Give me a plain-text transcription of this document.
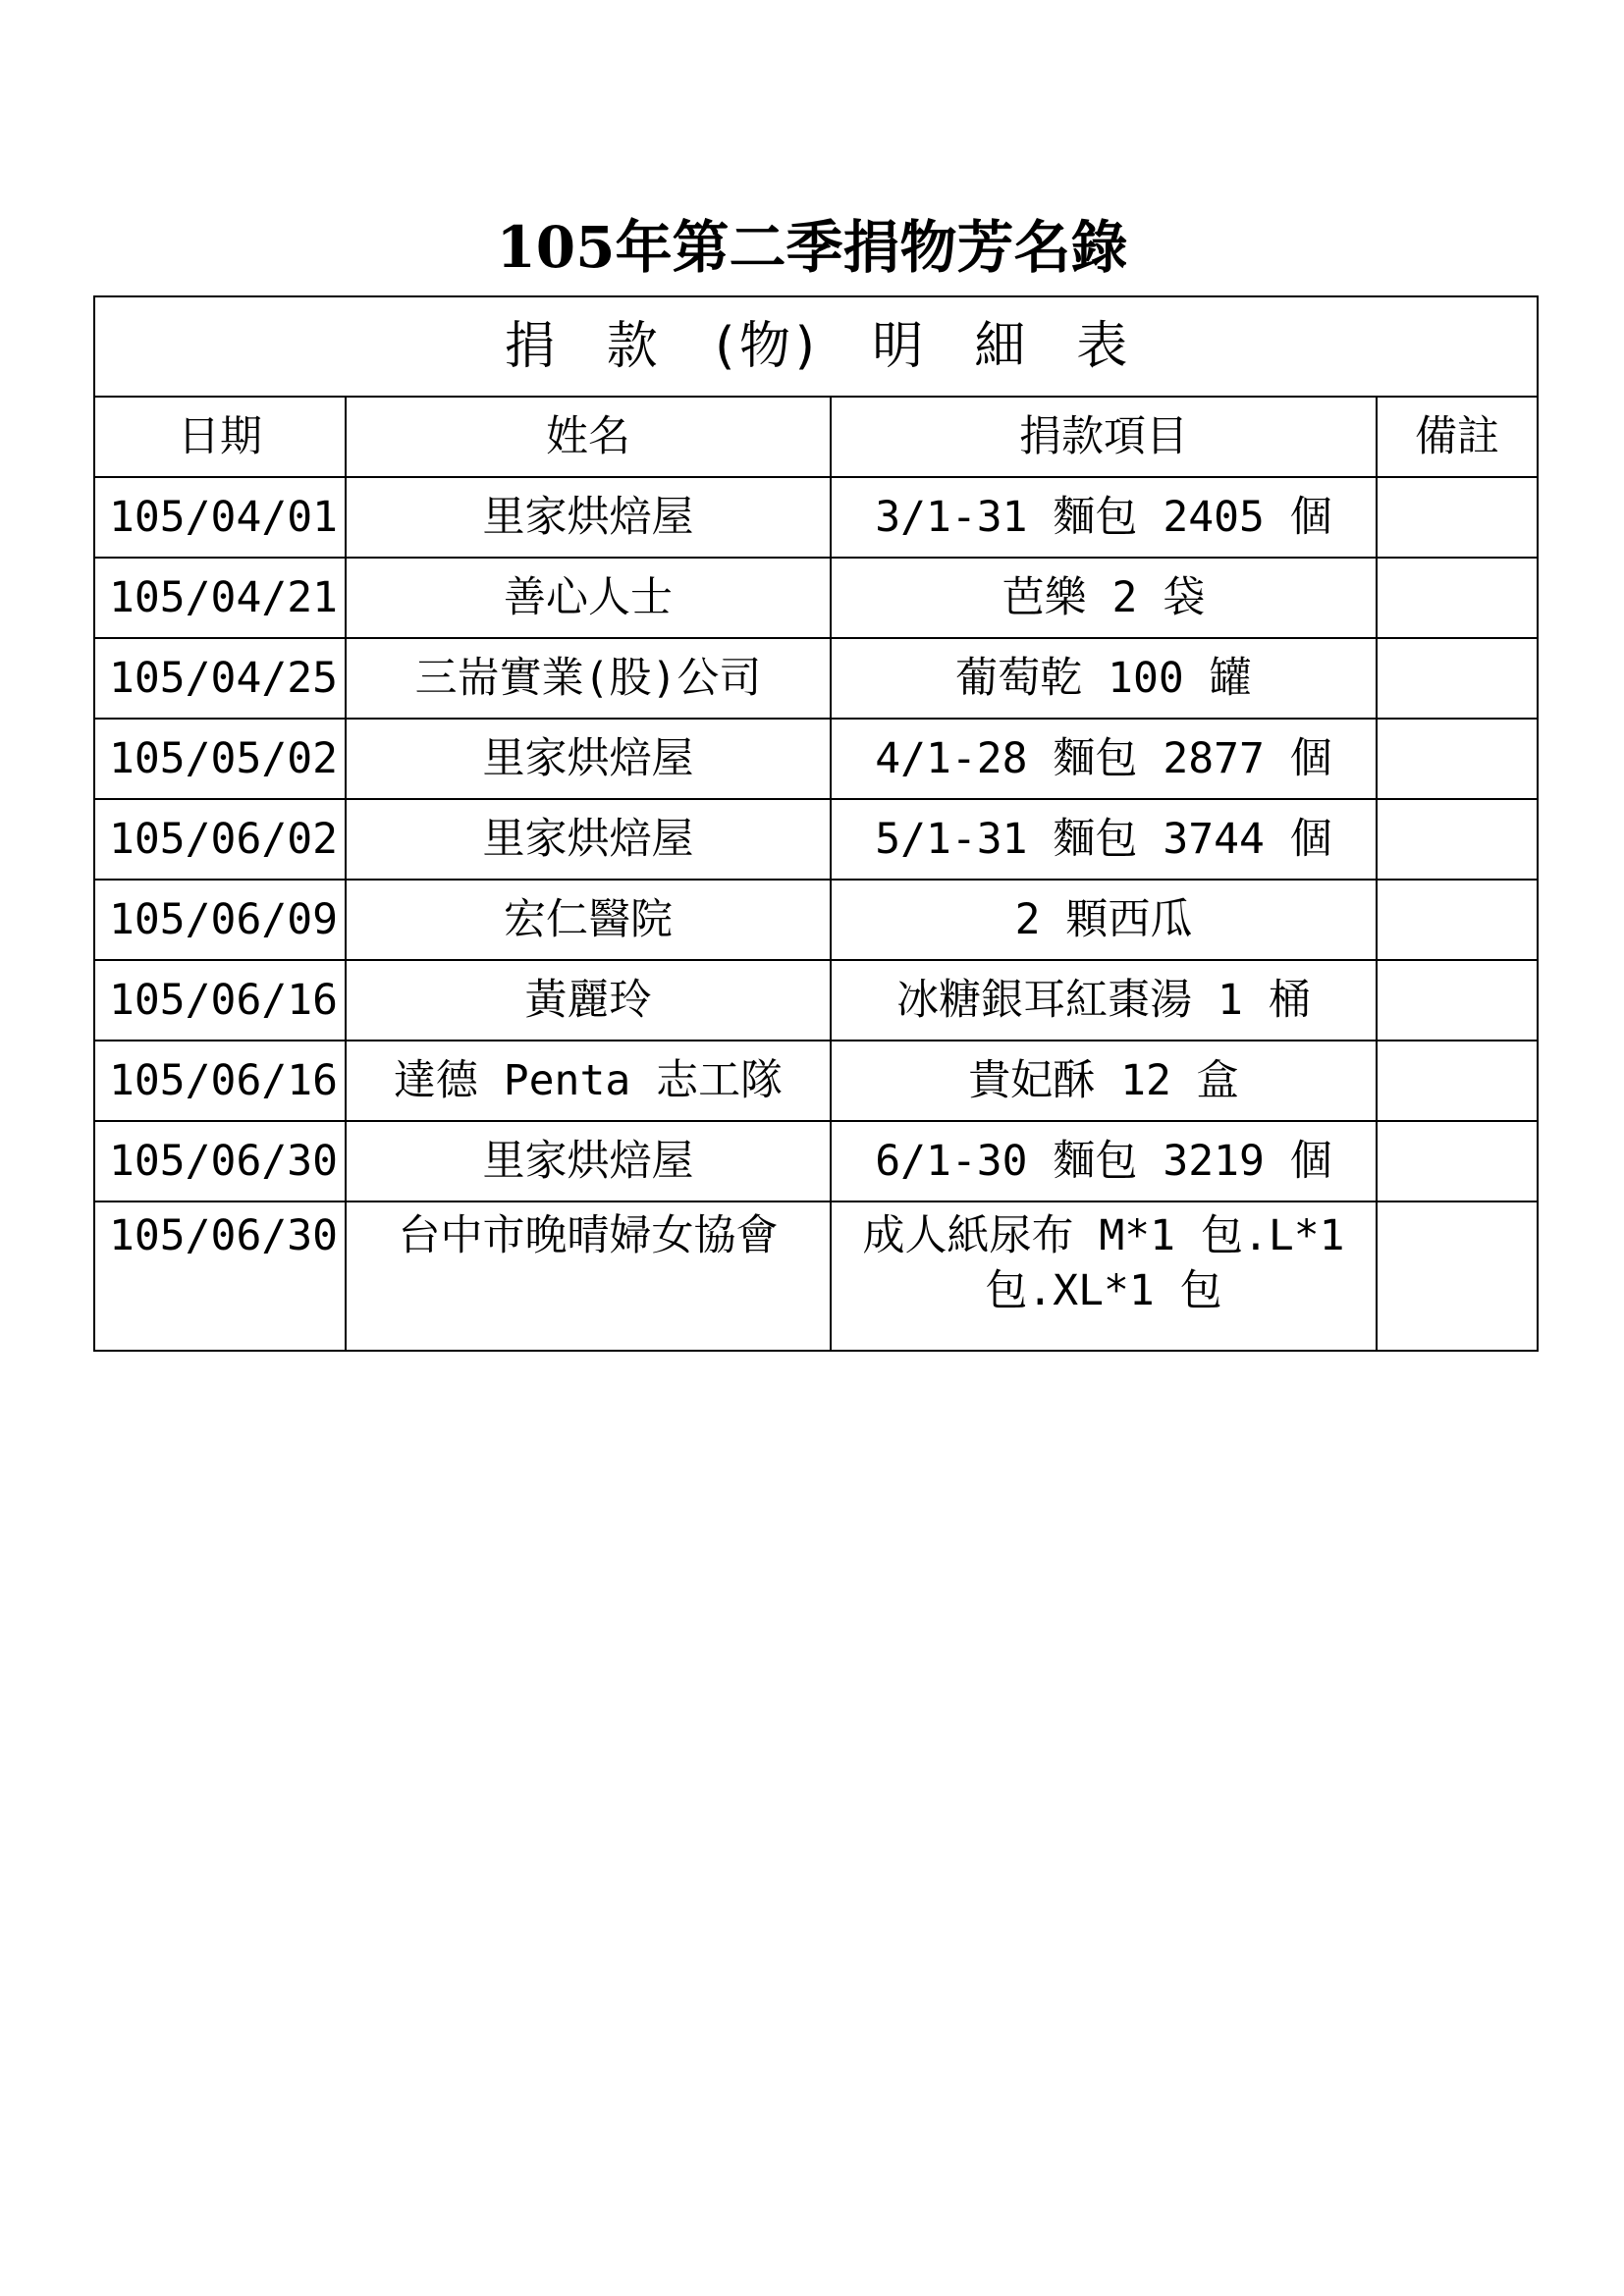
105年第二季捐物芳名錄
捐　款　(物)　明　細　表			
日期	姓名	捐款項目	備註
105/04/01	里家烘焙屋	3/1-31 麵包 2405 個	
105/04/21	善心人士	芭樂 2 袋	
105/04/25	三耑實業(股)公司	葡萄乾 100 罐	
105/05/02	里家烘焙屋	4/1-28 麵包 2877 個	
105/06/02	里家烘焙屋	5/1-31 麵包 3744 個	
105/06/09	宏仁醫院	2 顆西瓜	
105/06/16	黃麗玲	冰糖銀耳紅棗湯 1 桶	
105/06/16	達德 Penta 志工隊	貴妃酥 12 盒	
105/06/30	里家烘焙屋	6/1-30 麵包 3219 個	
105/06/30	台中市晚晴婦女協會	成人紙尿布 M*1 包.L*1 包.XL*1 包	
